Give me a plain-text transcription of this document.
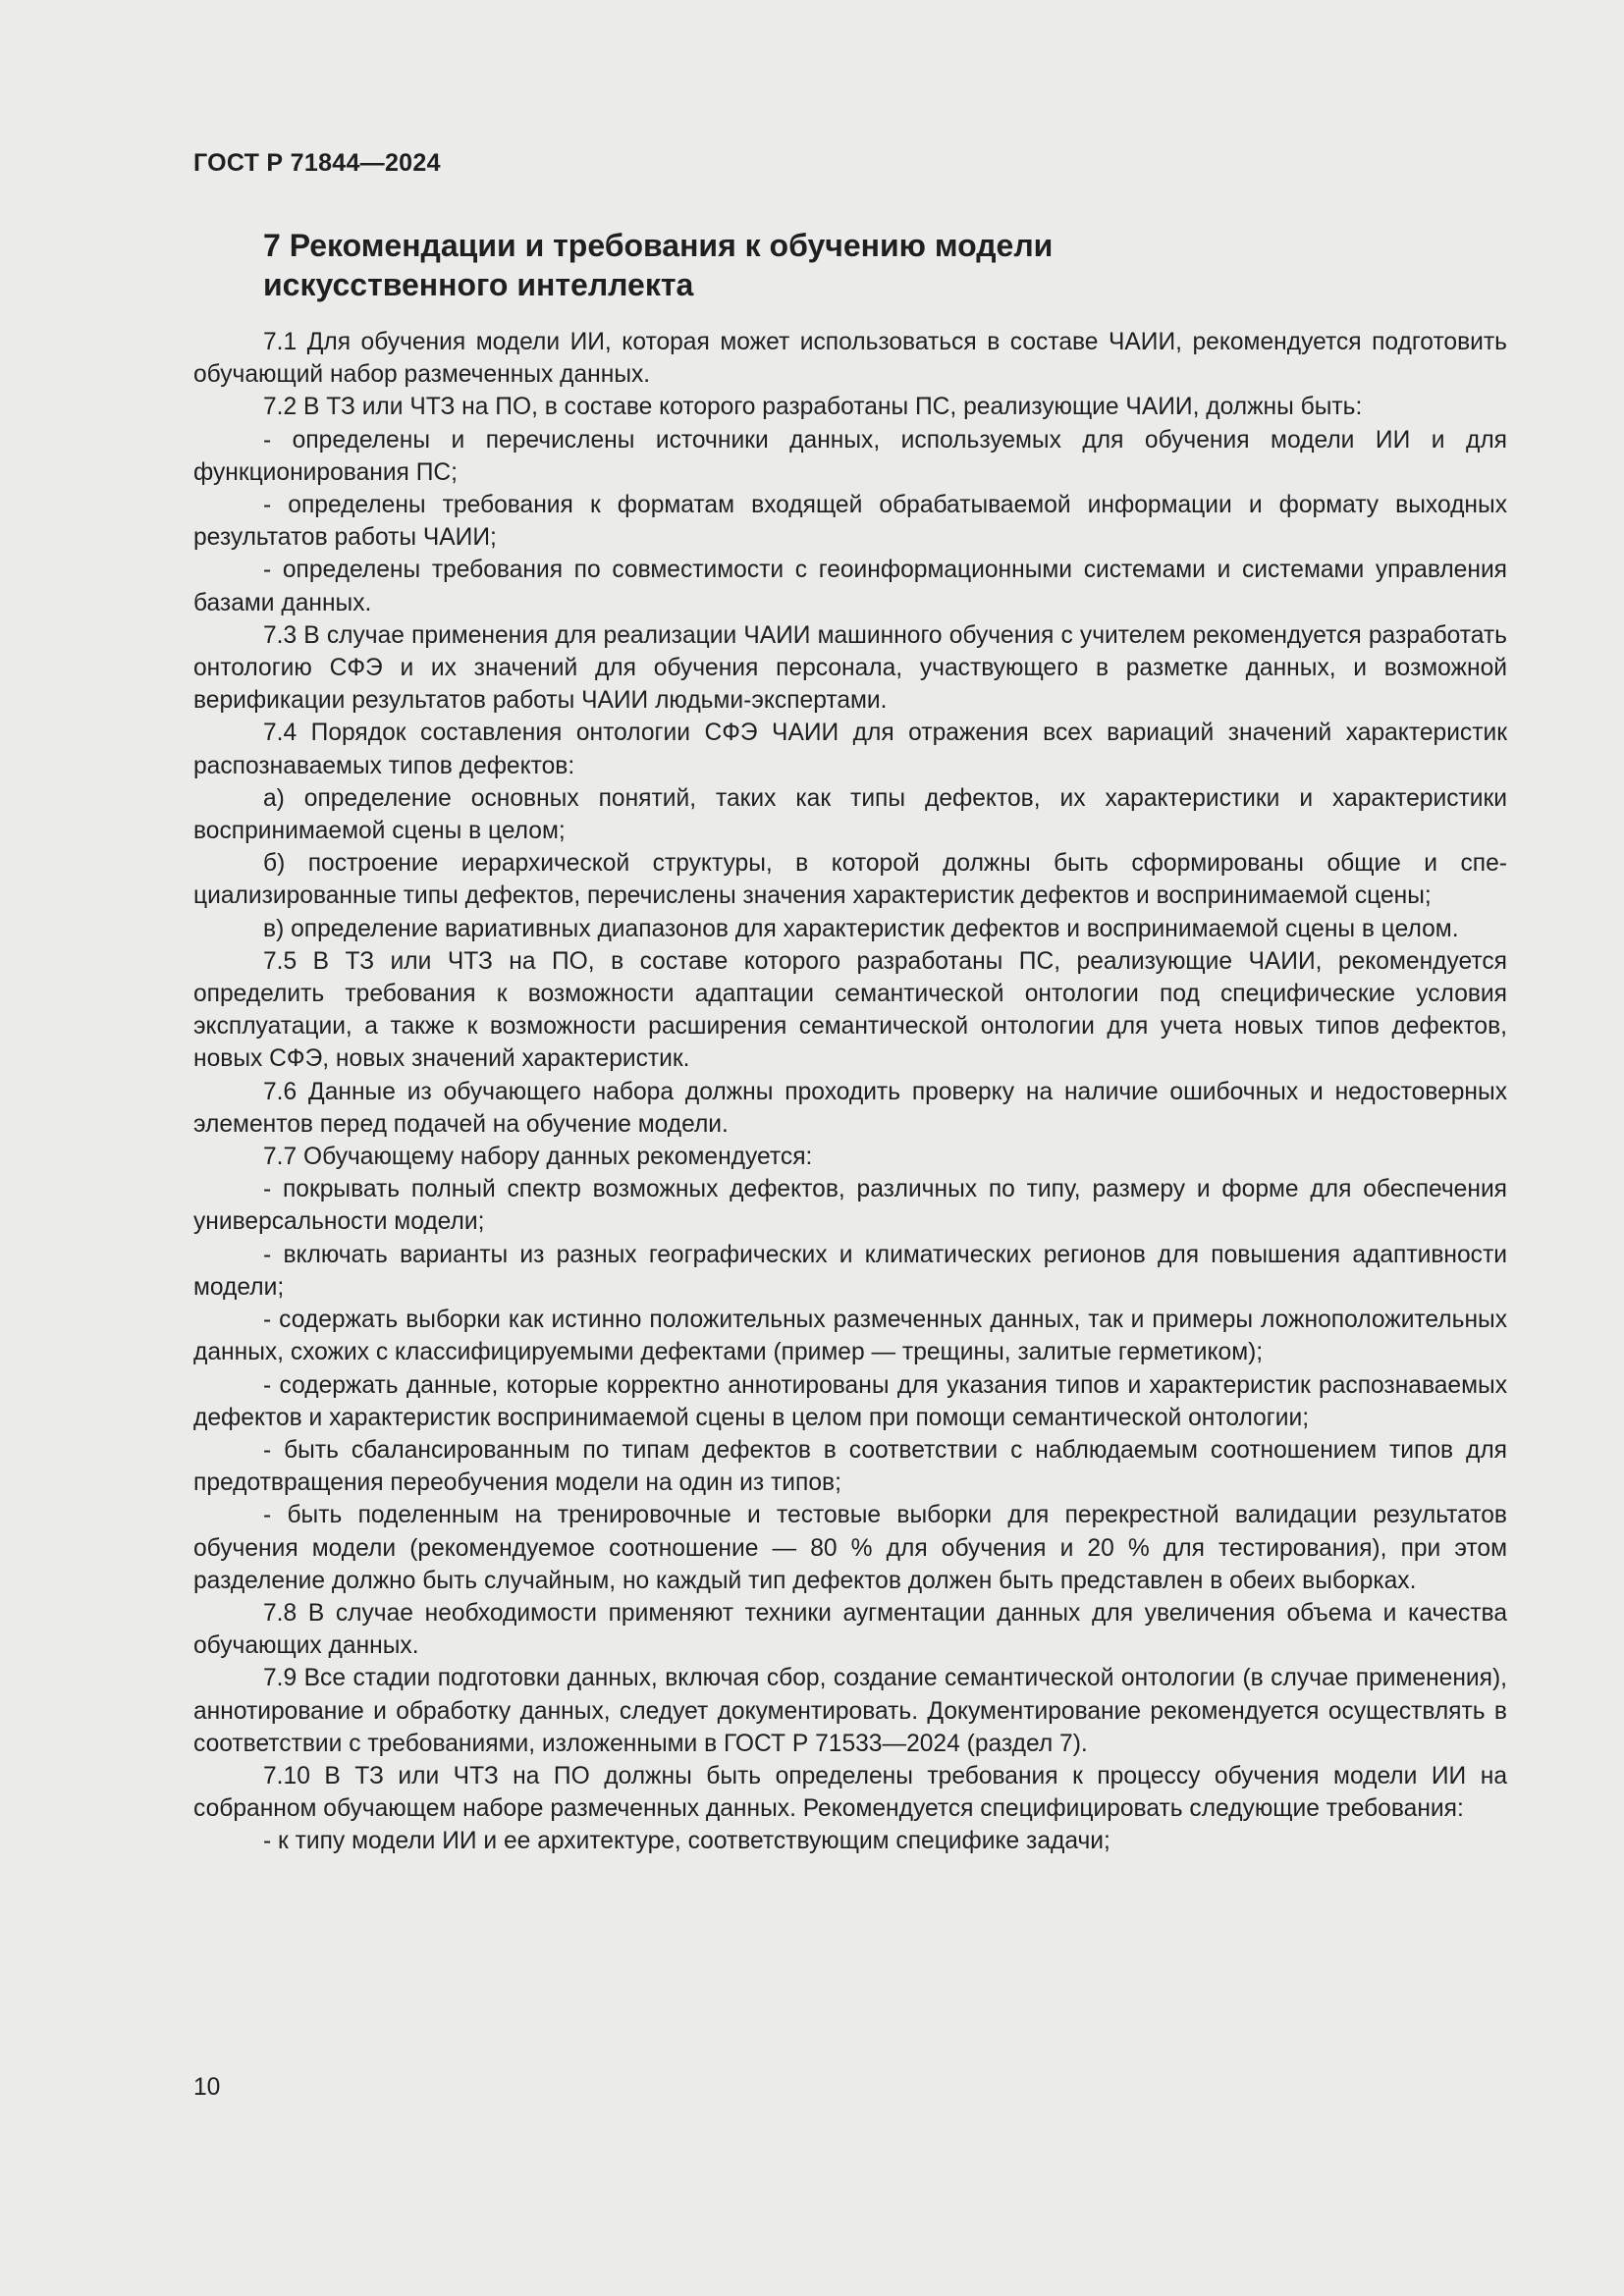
ГОСТ Р 71844—2024
7 Рекомендации и требования к обучению модели
искусственного интеллекта

7.1 Для обучения модели ИИ, которая может использоваться в составе ЧАИИ, рекомендуется подготовить обучающий набор размеченных данных.

7.2 В ТЗ или ЧТЗ на ПО, в составе которого разработаны ПС, реализующие ЧАИИ, должны быть:

- определены и перечислены источники данных, используемых для обучения модели ИИ и для функционирования ПС;

- определены требования к форматам входящей обрабатываемой информации и формату выходных результатов работы ЧАИИ;

- определены требования по совместимости с геоинформационными системами и системами управления базами данных.

7.3 В случае применения для реализации ЧАИИ машинного обучения с учителем рекомендуется разработать онтологию СФЭ и их значений для обучения персонала, участвующего в разметке данных, и возможной верификации результатов работы ЧАИИ людьми-экспертами.

7.4 Порядок составления онтологии СФЭ ЧАИИ для отражения всех вариаций значений характеристик распознаваемых типов дефектов:

а) определение основных понятий, таких как типы дефектов, их характеристики и характеристики воспринимаемой сцены в целом;

б) построение иерархической структуры, в которой должны быть сформированы общие и специализированные типы дефектов, перечислены значения характеристик дефектов и воспринимаемой сцены;

в) определение вариативных диапазонов для характеристик дефектов и воспринимаемой сцены в целом.

7.5 В ТЗ или ЧТЗ на ПО, в составе которого разработаны ПС, реализующие ЧАИИ, рекомендуется определить требования к возможности адаптации семантической онтологии под специфические условия эксплуатации, а также к возможности расширения семантической онтологии для учета новых типов дефектов, новых СФЭ, новых значений характеристик.

7.6 Данные из обучающего набора должны проходить проверку на наличие ошибочных и недостоверных элементов перед подачей на обучение модели.

7.7 Обучающему набору данных рекомендуется:

- покрывать полный спектр возможных дефектов, различных по типу, размеру и форме для обеспечения универсальности модели;

- включать варианты из разных географических и климатических регионов для повышения адаптивности модели;

- содержать выборки как истинно положительных размеченных данных, так и примеры ложноположительных данных, схожих с классифицируемыми дефектами (пример — трещины, залитые герметиком);

- содержать данные, которые корректно аннотированы для указания типов и характеристик распознаваемых дефектов и характеристик воспринимаемой сцены в целом при помощи семантической онтологии;

- быть сбалансированным по типам дефектов в соответствии с наблюдаемым соотношением типов для предотвращения переобучения модели на один из типов;

- быть поделенным на тренировочные и тестовые выборки для перекрестной валидации результатов обучения модели (рекомендуемое соотношение — 80 % для обучения и 20 % для тестирования), при этом разделение должно быть случайным, но каждый тип дефектов должен быть представлен в обеих выборках.

7.8 В случае необходимости применяют техники аугментации данных для увеличения объема и качества обучающих данных.

7.9 Все стадии подготовки данных, включая сбор, создание семантической онтологии (в случае применения), аннотирование и обработку данных, следует документировать. Документирование рекомендуется осуществлять в соответствии с требованиями, изложенными в ГОСТ Р 71533—2024 (раздел 7).

7.10 В ТЗ или ЧТЗ на ПО должны быть определены требования к процессу обучения модели ИИ на собранном обучающем наборе размеченных данных. Рекомендуется специфицировать следующие требования:

- к типу модели ИИ и ее архитектуре, соответствующим специфике задачи;

10
